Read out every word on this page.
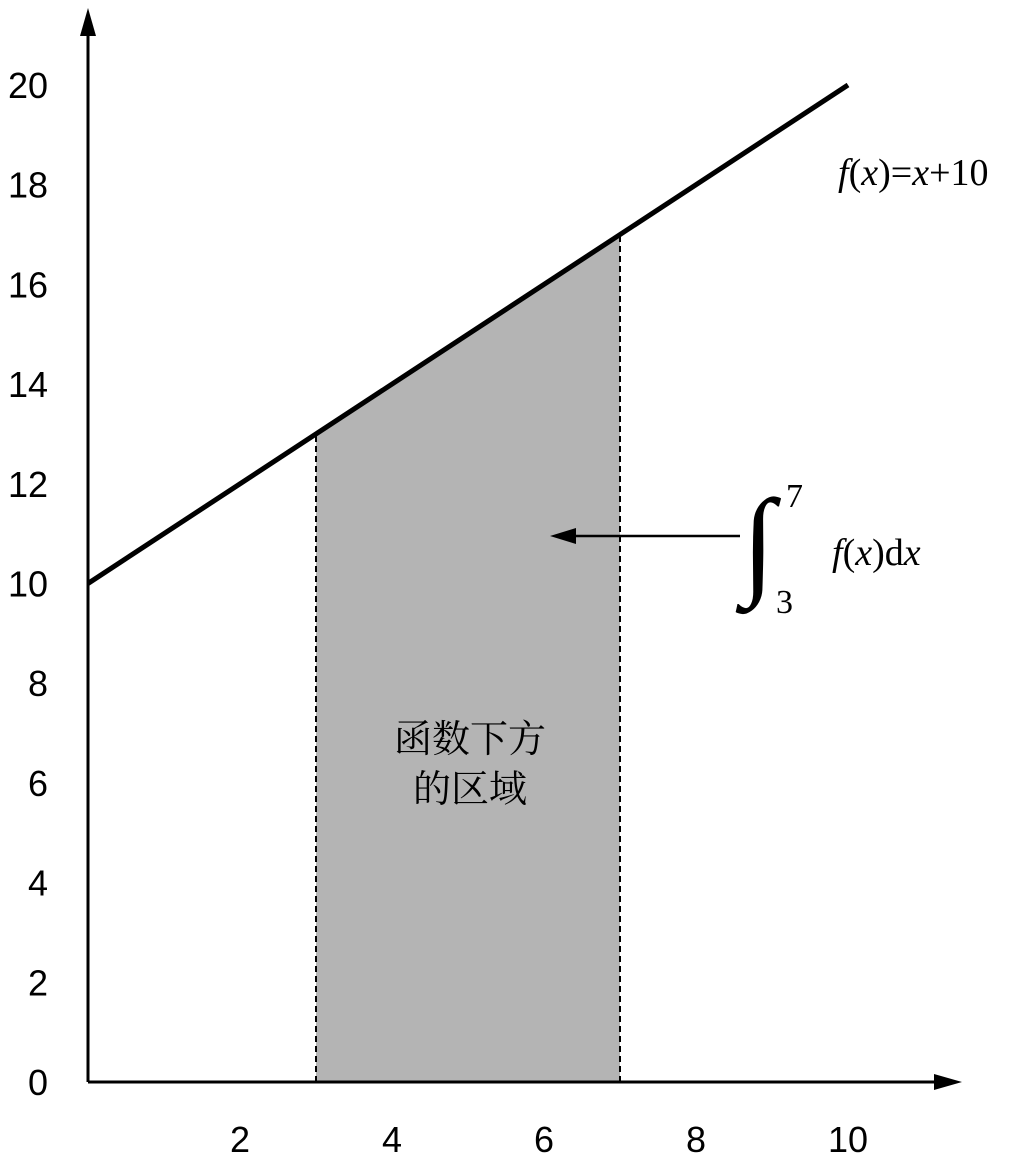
2	4	6	8	10
0
2
4
6
8
10
12
14
16
18
20
f(x)=x+10
函数下方
的区域
∫ 7
3
f(x)dx
